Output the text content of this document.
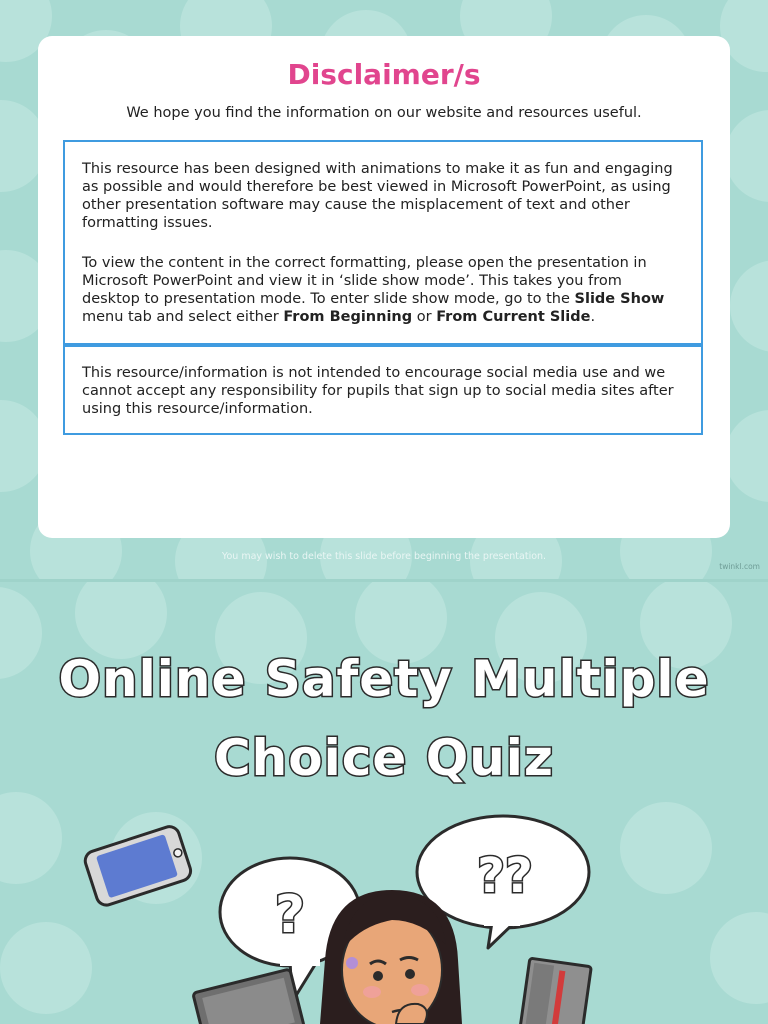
Disclaimer/s

We hope you find the information on our website and resources useful.

This resource has been designed with animations to make it as fun and engaging as possible and would therefore be best viewed in Microsoft PowerPoint, as using other presentation software may cause the misplacement of text and other formatting issues.

To view the content in the correct formatting, please open the presentation in Microsoft PowerPoint and view it in ‘slide show mode’. This takes you from desktop to presentation mode. To enter slide show mode, go to the Slide Show menu tab and select either From Beginning or From Current Slide.

This resource/information is not intended to encourage social media use and we cannot accept any responsibility for pupils that sign up to social media sites after using this resource/information.

You may wish to delete this slide before beginning the presentation.

twinkl.com

Online Safety Multiple
Choice Quiz
?
??
